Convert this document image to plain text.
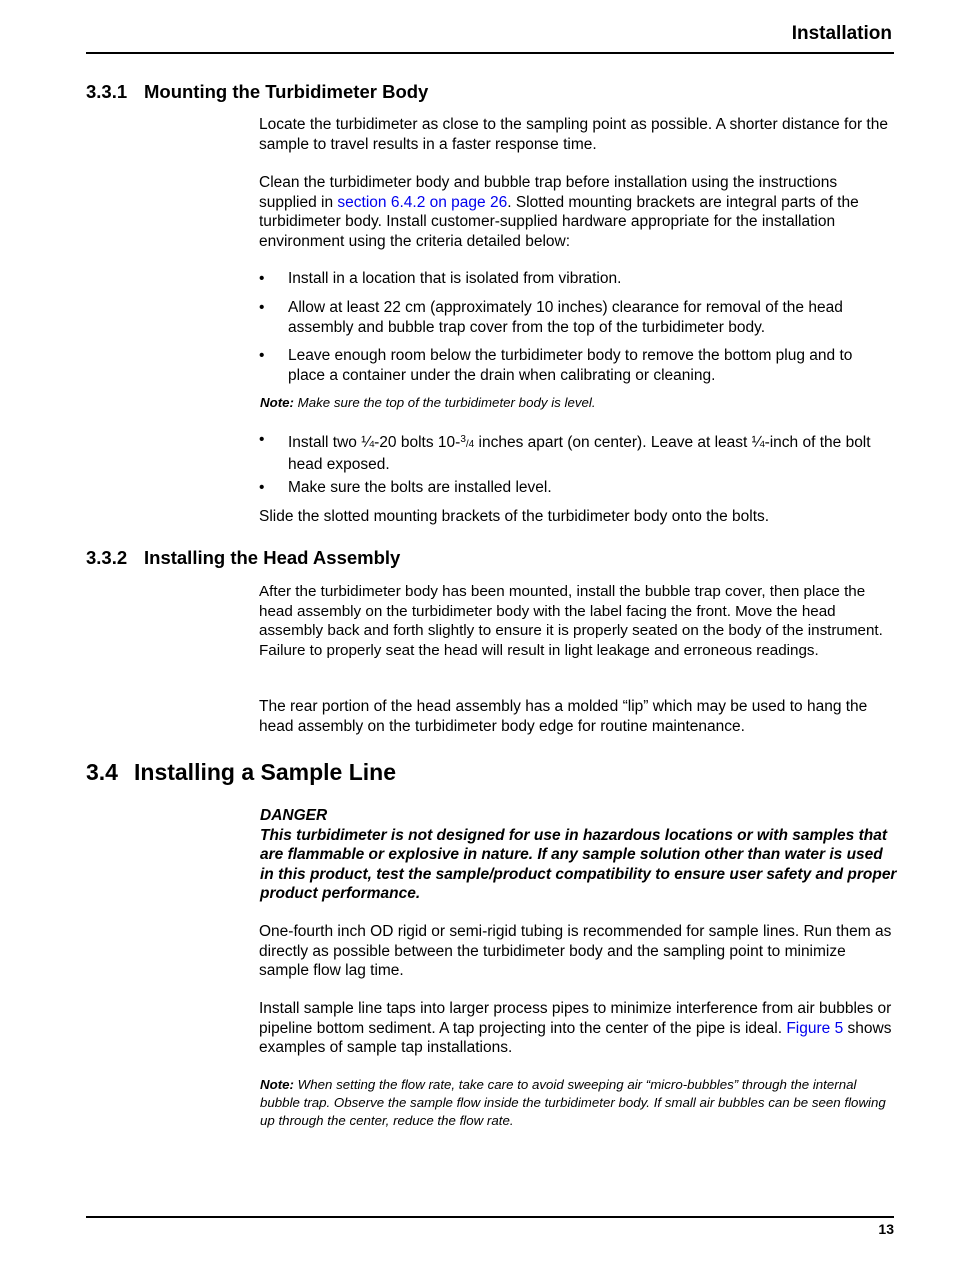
Installation
3.3.1 Mounting the Turbidimeter Body
Locate the turbidimeter as close to the sampling point as possible. A shorter distance for the sample to travel results in a faster response time.
Clean the turbidimeter body and bubble trap before installation using the instructions supplied in section 6.4.2 on page 26. Slotted mounting brackets are integral parts of the turbidimeter body. Install customer-supplied hardware appropriate for the installation environment using the criteria detailed below:
• Install in a location that is isolated from vibration.
• Allow at least 22 cm (approximately 10 inches) clearance for removal of the head assembly and bubble trap cover from the top of the turbidimeter body.
• Leave enough room below the turbidimeter body to remove the bottom plug and to place a container under the drain when calibrating or cleaning.
Note: Make sure the top of the turbidimeter body is level.
• Install two ¼-20 bolts 10-$^3$/4 inches apart (on center). Leave at least ¼-inch of the bolt head exposed.
• Make sure the bolts are installed level.
Slide the slotted mounting brackets of the turbidimeter body onto the bolts.
3.3.2 Installing the Head Assembly
After the turbidimeter body has been mounted, install the bubble trap cover, then place the head assembly on the turbidimeter body with the label facing the front. Move the head assembly back and forth slightly to ensure it is properly seated on the body of the instrument. Failure to properly seat the head will result in light leakage and erroneous readings.
The rear portion of the head assembly has a molded “lip” which may be used to hang the head assembly on the turbidimeter body edge for routine maintenance.
3.4 Installing a Sample Line
DANGER
This turbidimeter is not designed for use in hazardous locations or with samples that are flammable or explosive in nature. If any sample solution other than water is used in this product, test the sample/product compatibility to ensure user safety and proper product performance.
One-fourth inch OD rigid or semi-rigid tubing is recommended for sample lines. Run them as directly as possible between the turbidimeter body and the sampling point to minimize sample flow lag time.
Install sample line taps into larger process pipes to minimize interference from air bubbles or pipeline bottom sediment. A tap projecting into the center of the pipe is ideal. Figure 5 shows examples of sample tap installations.
Note: When setting the flow rate, take care to avoid sweeping air “micro-bubbles” through the internal bubble trap. Observe the sample flow inside the turbidimeter body. If small air bubbles can be seen flowing up through the center, reduce the flow rate.
13
